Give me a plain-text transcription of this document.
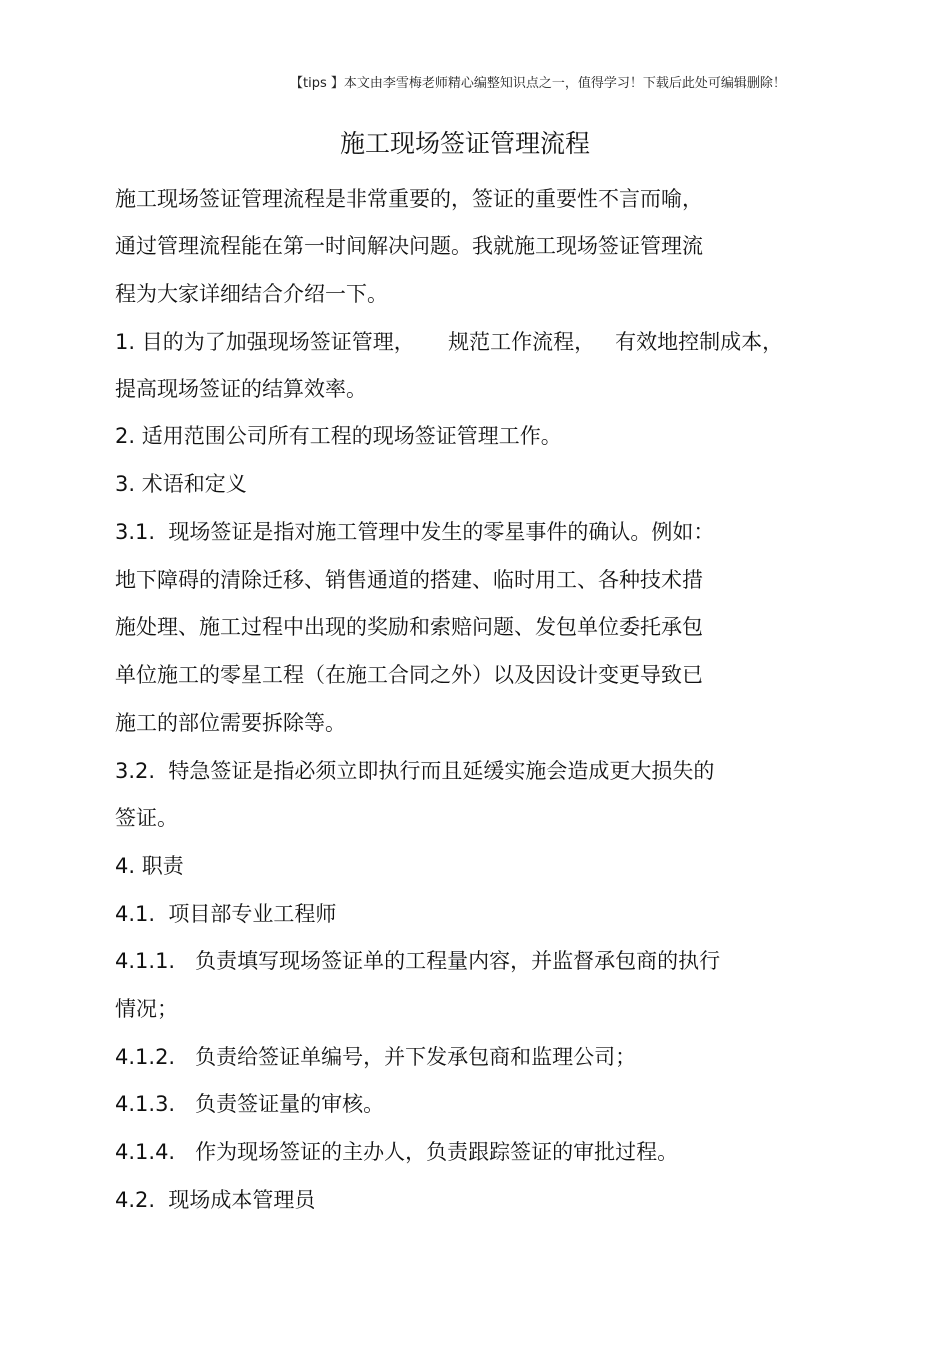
【tips 】本文由李雪梅老师精心编整知识点之一，值得学习！下载后此处可编辑删除！
施工现场签证管理流程
施工现场签证管理流程是非常重要的，签证的重要性不言而喻，
通过管理流程能在第一时间解决问题。我就施工现场签证管理流
程为大家详细结合介绍一下。
1. 目的为了加强现场签证管理，     规范工作流程，   有效地控制成本，
提高现场签证的结算效率。
2. 适用范围公司所有工程的现场签证管理工作。
3. 术语和定义
3.1.  现场签证是指对施工管理中发生的零星事件的确认。例如：
地下障碍的清除迁移、销售通道的搭建、临时用工、各种技术措
施处理、施工过程中出现的奖励和索赔问题、发包单位委托承包
单位施工的零星工程（在施工合同之外）以及因设计变更导致已
施工的部位需要拆除等。
3.2.  特急签证是指必须立即执行而且延缓实施会造成更大损失的
签证。
4. 职责
4.1.  项目部专业工程师
4.1.1.   负责填写现场签证单的工程量内容，并监督承包商的执行
情况；
4.1.2.   负责给签证单编号，并下发承包商和监理公司；
4.1.3.   负责签证量的审核。
4.1.4.   作为现场签证的主办人，负责跟踪签证的审批过程。
4.2.  现场成本管理员
